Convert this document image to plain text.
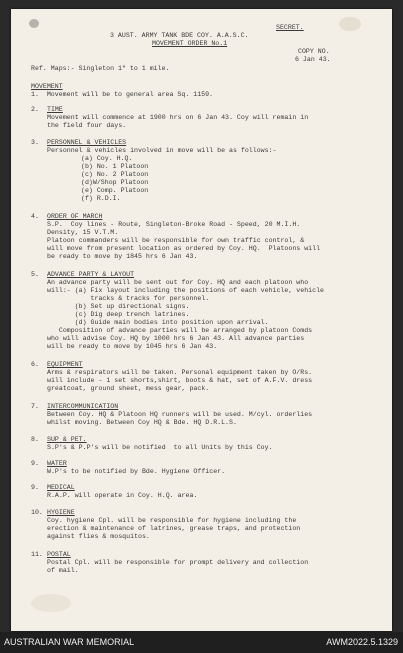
SECRET.

3 AUST. ARMY TANK BDE COY. A.A.S.C.

MOVEMENT ORDER No.1

COPY NO.

6 Jan 43.

Ref. Maps:- Singleton 1" to 1 mile.

MOVEMENT

1.  Movement will be to general area Sq. 1159.

2.

TIME

Movement will commence at 1900 hrs on 6 Jan 43. Coy will remain in

the field four days.

3.

PERSONNEL & VEHICLES

Personnel & vehicles involved in move will be as follows:-

(a) Coy. H.Q.

(b) No. 1 Platoon

(c) No. 2 Platoon

(d)W/Shop Platoon

(e) Comp. Platoon

(f) R.D.I.

4.

ORDER OF MARCH

S.P.  Coy lines - Route, Singleton-Broke Road - Speed, 20 M.I.H.

Density, 15 V.T.M.

Platoon commanders will be responsible for own traffic control, &

will move from present location as ordered by Coy. HQ.  Platoons will

be ready to move by 1845 hrs 6 Jan 43.

5.

ADVANCE PARTY & LAYOUT

An advance party will be sent out for Coy. HQ and each platoon who

will:- (a) Fix layout including the positions of each vehicle, vehicle

tracks & tracks for personnel.

(b) Set up directional signs.

(c) Dig deep trench latrines.

(d) Guide main bodies into position upon arrival.

Composition of advance parties will be arranged by platoon Comds

who will advise Coy. HQ by 1000 hrs 6 Jan 43. All advance parties

will be ready to move by 1045 hrs 6 Jan 43.

6.

EQUIPMENT

Arms & respirators will be taken. Personal equipment taken by O/Rs.

will include - 1 set shorts,shirt, boots & hat, set of A.F.V. dress

greatcoat, ground sheet, mess gear, pack.

7.

INTERCOMMUNICATION

Between Coy. HQ & Platoon HQ runners will be used. M/cyl. orderlies

whilst moving. Between Coy HQ & Bde. HQ D.R.L.S.

8.

SUP & PET.

S.P's & P.P's will be notified  to all Units by this Coy.

9.

WATER

W.P's to be notified by Bde. Hygiene Officer.

9.

MEDICAL

R.A.P. will operate in Coy. H.Q. area.

10.

HYGIENE

Coy. hygiene Cpl. will be responsible for hygiene including the

erection & maintenance of latrines, grease traps, and protection

against flies & mosquitos.

11.

POSTAL

Postal Cpl. will be responsible for prompt delivery and collection

of mail.

AUSTRALIAN WAR MEMORIAL	AWM2022.5.1329
